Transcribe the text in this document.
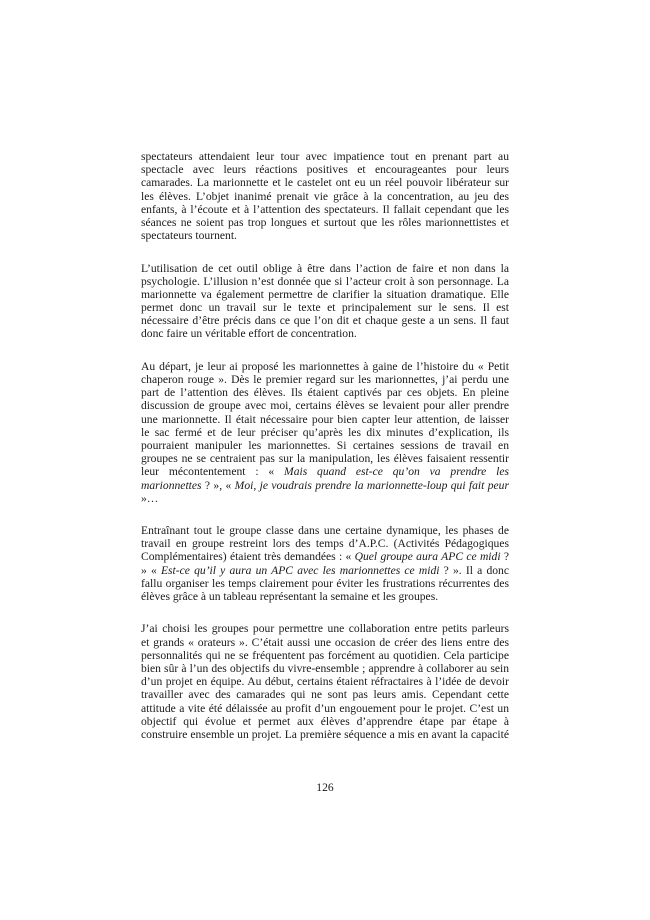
spectateurs attendaient leur tour avec impatience tout en prenant part au
spectacle avec leurs réactions positives et encourageantes pour leurs
camarades. La marionnette et le castelet ont eu un réel pouvoir libérateur sur
les élèves. L’objet inanimé prenait vie grâce à la concentration, au jeu des
enfants, à l’écoute et à l’attention des spectateurs. Il fallait cependant que les
séances ne soient pas trop longues et surtout que les rôles marionnettistes et
spectateurs tournent.
L’utilisation de cet outil oblige à être dans l’action de faire et non dans la
psychologie. L’illusion n’est donnée que si l’acteur croit à son personnage. La
marionnette va également permettre de clarifier la situation dramatique. Elle
permet donc un travail sur le texte et principalement sur le sens. Il est
nécessaire d’être précis dans ce que l’on dit et chaque geste a un sens. Il faut
donc faire un véritable effort de concentration.
Au départ, je leur ai proposé les marionnettes à gaine de l’histoire du « Petit
chaperon rouge ». Dès le premier regard sur les marionnettes, j’ai perdu une
part de l’attention des élèves. Ils étaient captivés par ces objets. En pleine
discussion de groupe avec moi, certains élèves se levaient pour aller prendre
une marionnette. Il était nécessaire pour bien capter leur attention, de laisser
le sac fermé et de leur préciser qu’après les dix minutes d’explication, ils
pourraient manipuler les marionnettes. Si certaines sessions de travail en
groupes ne se centraient pas sur la manipulation, les élèves faisaient ressentir
leur mécontentement : « Mais quand est-ce qu’on va prendre les
marionnettes ? », « Moi, je voudrais prendre la marionnette-loup qui fait peur
»…
Entraînant tout le groupe classe dans une certaine dynamique, les phases de
travail en groupe restreint lors des temps d’A.P.C. (Activités Pédagogiques
Complémentaires) étaient très demandées : « Quel groupe aura APC ce midi ?
» « Est-ce qu’il y aura un APC avec les marionnettes ce midi ? ». Il a donc
fallu organiser les temps clairement pour éviter les frustrations récurrentes des
élèves grâce à un tableau représentant la semaine et les groupes.
J’ai choisi les groupes pour permettre une collaboration entre petits parleurs
et grands « orateurs ». C’était aussi une occasion de créer des liens entre des
personnalités qui ne se fréquentent pas forcément au quotidien. Cela participe
bien sûr à l’un des objectifs du vivre-ensemble ; apprendre à collaborer au sein
d’un projet en équipe. Au début, certains étaient réfractaires à l’idée de devoir
travailler avec des camarades qui ne sont pas leurs amis. Cependant cette
attitude a vite été délaissée au profit d’un engouement pour le projet. C’est un
objectif qui évolue et permet aux élèves d’apprendre étape par étape à
construire ensemble un projet. La première séquence a mis en avant la capacité
126
